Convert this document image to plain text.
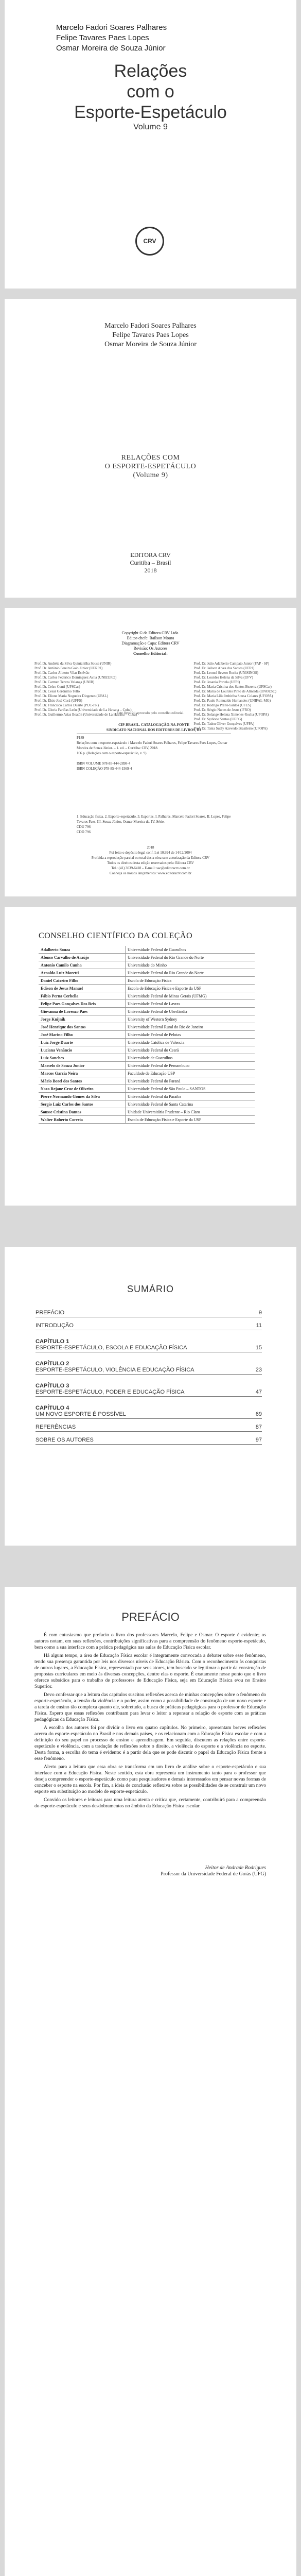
Marcelo Fadori Soares Palhares
Felipe Tavares Paes Lopes
Osmar Moreira de Souza Júnior
Relações
com o
Esporte-Espetáculo
Volume 9
CRV
Marcelo Fadori Soares Palhares
Felipe Tavares Paes Lopes
Osmar Moreira de Souza Júnior
RELAÇÕES COM
O ESPORTE-ESPETÁCULO
(Volume 9)
EDITORA CRV
Curitiba – Brasil
2018
Copyright © da Editora CRV Ltda.
Editor-chefe: Railson Moura
Diagramação e Capa: Editora CRV
Revisão: Os Autores
Conselho Editorial:
Prof. Dr. Andréia da Silva Quintanilha Sousa (UNIR)
Prof. Dr. Antônio Pereira Gaio Júnior (UFRRJ)
Prof. Dr. Carlos Alberto Vilar Estêvão
Prof. Dr. Carlos Federico Dominguez Avila (UNIEURO)
Prof. Dr. Carmen Tereza Velanga (UNIR)
Prof. Dr. Celso Conti (UFSCar)
Prof. Dr. Cesar Gerónimo Tello
Prof. Dr. Elione Maria Nogueira Diogenes (UFAL)
Prof. Dr. Élsio José Corá (UFFS)
Prof. Dr. Francisco Carlos Duarte (PUC-PR)
Prof. Dr. Gloria Fariñas León (Universidade de La Havana – Cuba)
Prof. Dr. Guillermo Arias Beatón (Universidade de La Havana – Cuba)
Prof. Dr. João Adalberto Campato Junior (FAP - SP)
Prof. Dr. Jailson Alves dos Santos (UFRJ)
Prof. Dr. Leonel Severo Rocha (UNISINOS)
Prof. Dr. Lourdes Helena da Silva (UFV)
Prof. Dr. Josania Portela (UFPI)
Prof. Dr. Maria Cristina dos Santos Bezerra (UFSCar)
Prof. Dr. Maria de Lourdes Pinto de Almeida (UNOESC)
Prof. Dr. Maria Lília Imbiriba Sousa Colares (UFOPA)
Prof. Dr. Paulo Romualdo Hernandes (UNIFAL-MG)
Prof. Dr. Rodrigo Pratte-Santos (UFES)
Prof. Dr. Sérgio Nunes de Jesus (IFRO)
Prof. Dr. Solange Helena Ximenes-Rocha (UFOPA)
Prof. Dr. Sydione Santos (UEPG)
Prof. Dr. Tadeu Oliver Gonçalves (UFPA)
Prof. Dr. Tania Suely Azevedo Brasileiro (UFOPA)
Este livro foi aprovado pelo conselho editorial.
CIP-BRASIL. CATALOGAÇÃO-NA-FONTE
SINDICATO NACIONAL DOS EDITORES DE LIVROS, RJ
P189
Relações com o esporte-espetáculo / Marcelo Fadori Soares Palhares, Felipe Tavares Paes Lopes, Osmar Moreira de Souza Júnior. – 1. ed. – Curitiba: CRV, 2018.
106 p. (Relações com o esporte-espetáculo, v. 9)

ISBN VOLUME 978-85-444-2898-4
ISBN COLEÇÃO 978-85-444-1569-4
1. Educação física. 2. Esporte-espetáculo. 3. Esportes. I. Palhares, Marcelo Fadori Soares. II. Lopes, Felipe Tavares Paes. III. Souza Júnior, Osmar Moreira de. IV. Série.
CDU 796
CDD 796
2018
Foi feito o depósito legal conf. Lei 10.994 de 14/12/2004
Proibida a reprodução parcial ou total desta obra sem autorização da Editora CRV
Todos os direitos desta edição reservados pela: Editora CRV
Tel.: (41) 3039-6418 – E-mail: sac@editoracrv.com.br
Conheça os nossos lançamentos: www.editoracrv.com.br
CONSELHO CIENTÍFICO DA COLEÇÃO
Adalberto Souza	Universidade Federal de Guarulhos
Afonso Carvalho de Araújo	Universidade Federal do Rio Grande do Norte
Antonio Camilo Cunha	Universidade do Minho
Arnaldo Luiz Moretti	Universidade Federal do Rio Grande do Norte
Daniel Caixeiro Filho	Escola de Educação Física
Edison de Jesus Manuel	Escola de Educação Física e Esporte da USP
Fábio Perna Cerbella	Universidade Federal de Minas Gerais (UFMG)
Felipe Paes Gonçalves Dos Reis	Universidade Federal de Lavras
Giovanna de Lorenzo Paes	Universidade Federal de Uberlândia
Jorge Knijnik	University of Western Sydney
José Henrique dos Santos	Universidade Federal Rural do Rio de Janeiro
José Marino Filho	Universidade Federal de Pelotas
Luiz Jorge Duarte	Universidade Católica de Valencia
Luciana Venâncio	Universidade Federal do Ceará
Luiz Sanches	Universidade de Guarulhos
Marcelo de Souza Junior	Universidade Federal de Pernambuco
Marcos Garcia Neira	Faculdade de Educação USP
Mário Borel dos Santos	Universidade Federal do Paraná
Nara Rejane Cruz de Oliveira	Universidade Federal de São Paulo – SANTOS
Pierre Normando Gomes da Silva	Universidade Federal da Paraíba
Sergio Luiz Carlos dos Santos	Universidade Federal de Santa Catarina
Sousse Cristina Dantas	Unidade Universitária Prudente – Rio Claro
Walter Roberto Correia	Escola de Educação Física e Esporte da USP
SUMÁRIO
PREFÁCIO	9
INTRODUÇÃO	11
CAPÍTULO 1
ESPORTE-ESPETÁCULO, ESCOLA E EDUCAÇÃO FÍSICA	15
CAPÍTULO 2
ESPORTE-ESPETÁCULO, VIOLÊNCIA E EDUCAÇÃO FÍSICA	23
CAPÍTULO 3
ESPORTE-ESPETÁCULO, PODER E EDUCAÇÃO FÍSICA	47
CAPÍTULO 4
UM NOVO ESPORTE É POSSÍVEL	69
REFERÊNCIAS	87
SOBRE OS AUTORES	97
PREFÁCIO

É com entusiasmo que prefacio o livro dos professores Marcelo, Felipe e Osmar. O esporte é evidente; os autores notam, em suas reflexões, contribuições significativas para a compreensão do fenômeno esporte-espetáculo, bem como a sua interface com a prática pedagógica nas aulas de Educação Física escolar.

Há algum tempo, a área de Educação Física escolar é integramente convocada a debater sobre esse fenômeno, tendo sua presença garantida por leis nos diversos níveis de Educação Básica. Com o reconhecimento às conquistas de outros lugares, a Educação Física, representada por seus atores, tem buscado se legitimar a partir da construção de propostas curriculares em meio às diversas concepções, dentre elas o esporte. É exatamente nesse ponto que o livro oferece subsídios para o trabalho de professores de Educação Física, seja em Educação Básica e/ou no Ensino Superior.

Devo confessar que a leitura das capítulos suscitou reflexões acerca de minhas concepções sobre o fenômeno do esporte-espetáculo, a tensão da violência e o poder, assim como a possibilidade de construção de um novo esporte e a tarefa de ensino tão complexa quanto ele, sobretudo, a busca de práticas pedagógicas para o professor de Educação Física. Espero que essas reflexões contribuam para levar o leitor a repensar a relação do esporte com as práticas pedagógicas da Educação Física.

A escolha dos autores foi por dividir o livro em quatro capítulos. No primeiro, apresentam breves reflexões acerca do esporte-espetáculo no Brasil e nos demais países, e os relacionam com a Educação Física escolar e com a definição do seu papel no processo de ensino e aprendizagem. Em seguida, discutem as relações entre esporte-espetáculo e violência, com a tradução de reflexões sobre o direito, a violência do esporte e a violência no esporte. Desta forma, a escolha do tema é evidente: é a partir dela que se pode discutir o papel da Educação Física frente a esse fenômeno.

Alerto para a leitura que essa obra se transforma em um livro de análise sobre o esporte-espetáculo e sua interface com a Educação Física. Neste sentido, esta obra representa um instrumento tanto para o professor que deseja compreender o esporte-espetáculo como para pesquisadores e demais interessados em pensar novas formas de conceber o esporte na escola. Por fim, a ideia de conclusão reflexiva sobre as possibilidades de se construir um novo esporte em substituição ao modelo de esporte-espetáculo.

Convido os leitores e leitoras para uma leitura atenta e crítica que, certamente, contribuirá para a compreensão do esporte-espetáculo e seus desdobramentos no âmbito da Educação Física escolar.

Heitor de Andrade Rodrigues
Professor da Universidade Federal de Goiás (UFG)
